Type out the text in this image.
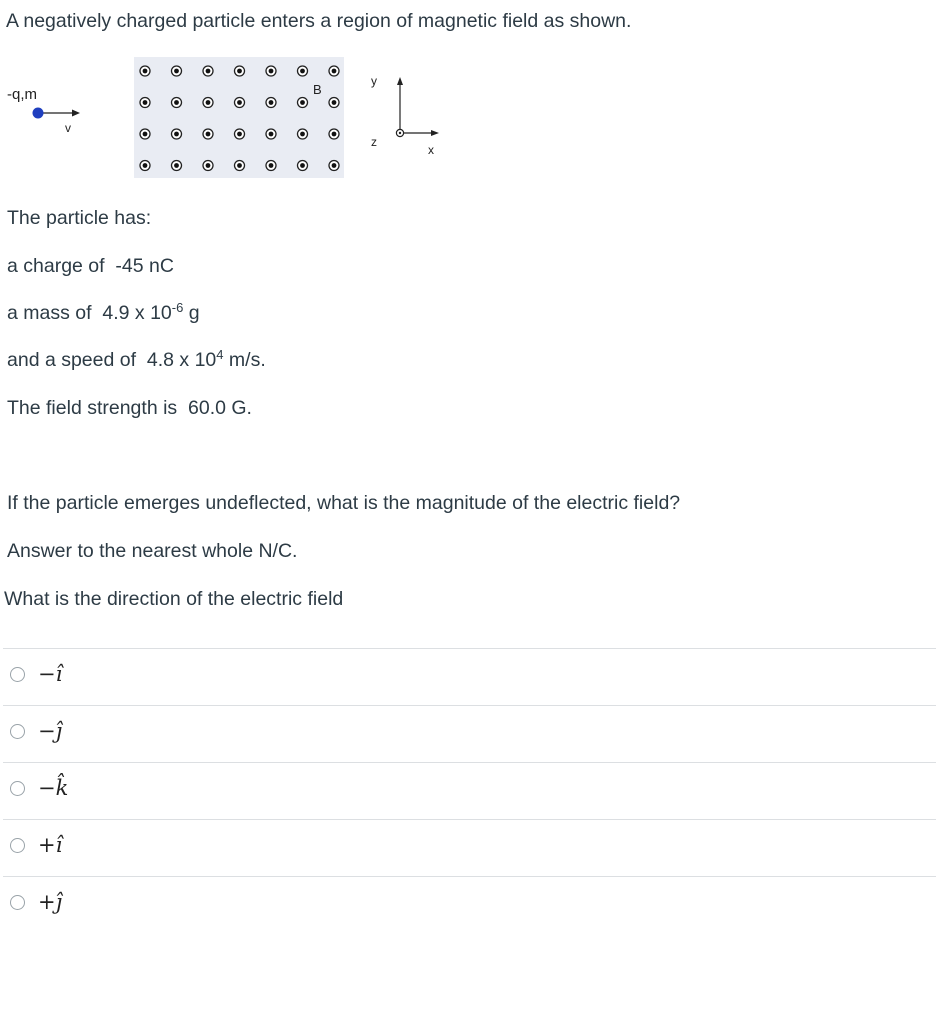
A negatively charged particle enters a region of magnetic field as shown.
-q,m
v
B
y
x
z
The particle has:
a charge of -45 nC
a mass of 4.9 x $10^{-6}$ g
and a speed of 4.8 x $10^4$ m/s.
The field strength is 60.0 G.
If the particle emerges undeflected, what is the magnitude of the electric field?
Answer to the nearest whole N/C.
What is the direction of the electric field
−î
−ĵ
−k̂
+î
+ĵ
